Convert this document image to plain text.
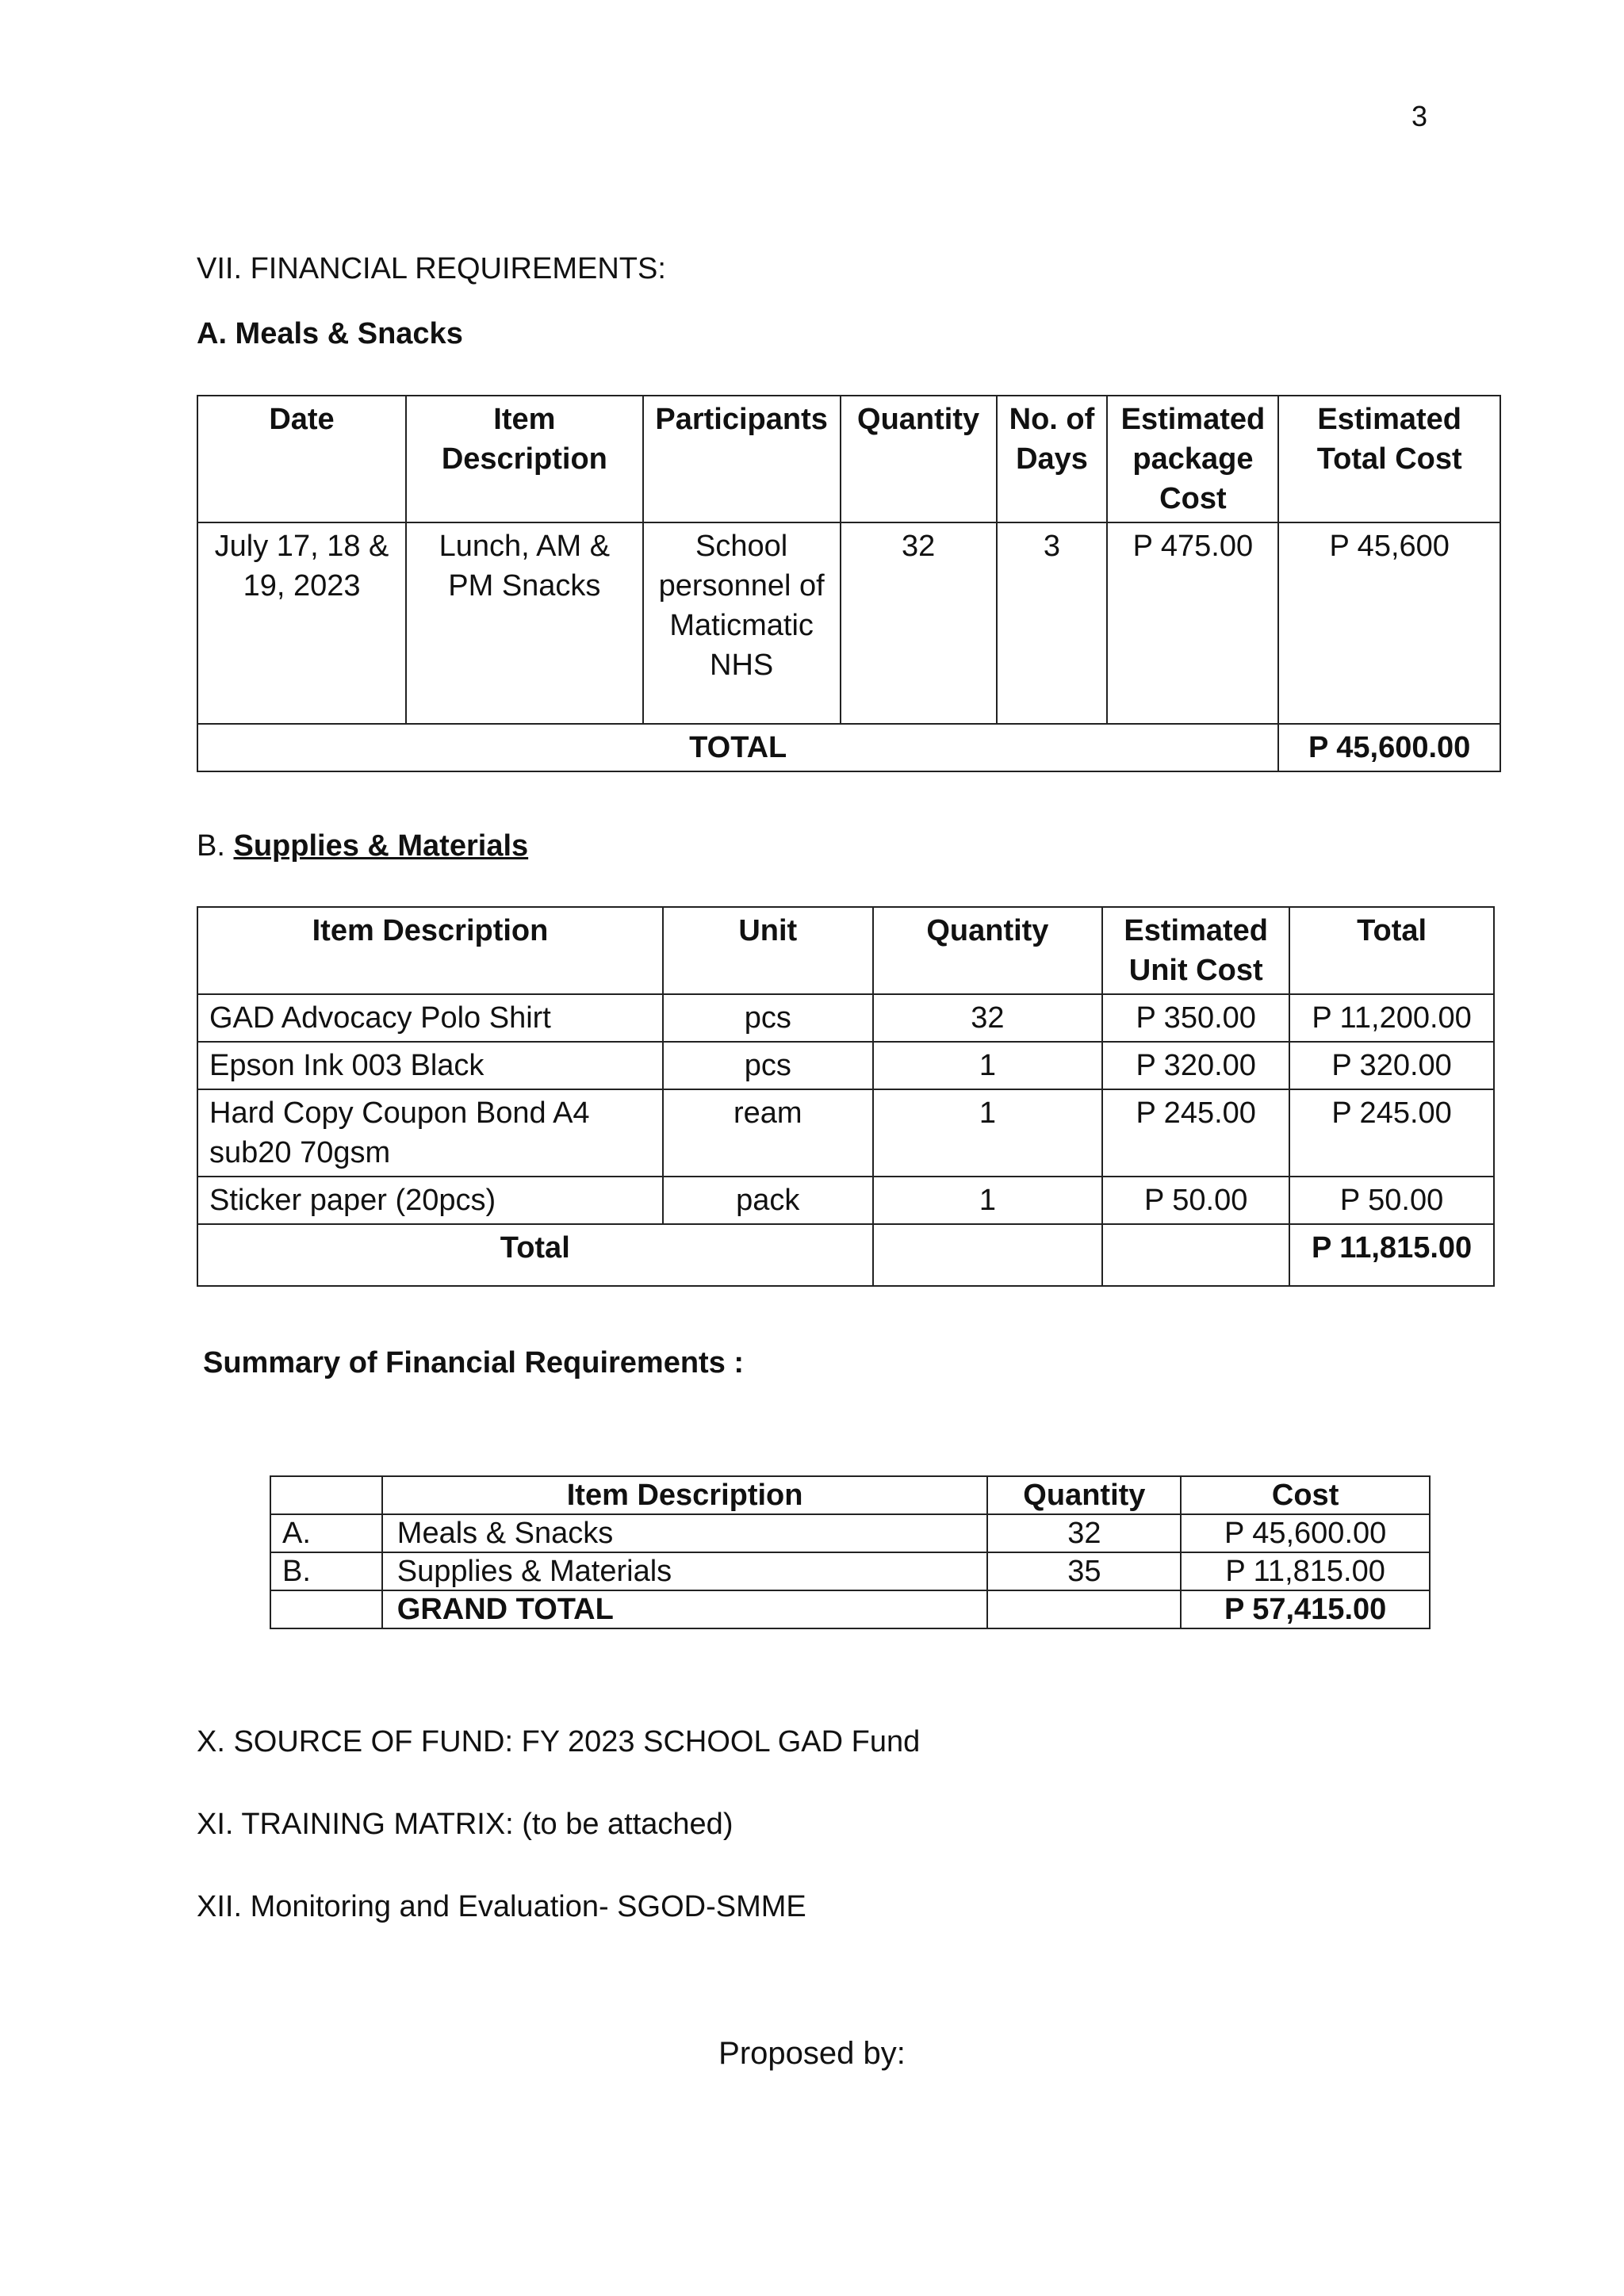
3
VII. FINANCIAL REQUIREMENTS:
A. Meals & Snacks
Date	Item Description	Participants	Quantity	No. of Days	Estimated package Cost	Estimated Total Cost
July 17, 18 & 19, 2023	Lunch, AM & PM Snacks	School personnel of Maticmatic NHS	32	3	P 475.00	P 45,600
TOTAL						P 45,600.00
B. Supplies & Materials
Item Description	Unit	Quantity	Estimated Unit Cost	Total
GAD Advocacy Polo Shirt	pcs	32	P 350.00	P 11,200.00
Epson Ink 003 Black	pcs	1	P 320.00	P 320.00
Hard Copy Coupon Bond A4 sub20 70gsm	ream	1	P 245.00	P 245.00
Sticker paper (20pcs)	pack	1	P 50.00	P 50.00
Total				P 11,815.00
Summary of Financial Requirements :
	Item Description	Quantity	Cost
A.	Meals & Snacks	32	P 45,600.00
B.	Supplies & Materials	35	P 11,815.00
	GRAND TOTAL		P 57,415.00
X. SOURCE OF FUND: FY 2023 SCHOOL GAD Fund
XI. TRAINING MATRIX: (to be attached)
XII. Monitoring and Evaluation- SGOD-SMME
Proposed by:
